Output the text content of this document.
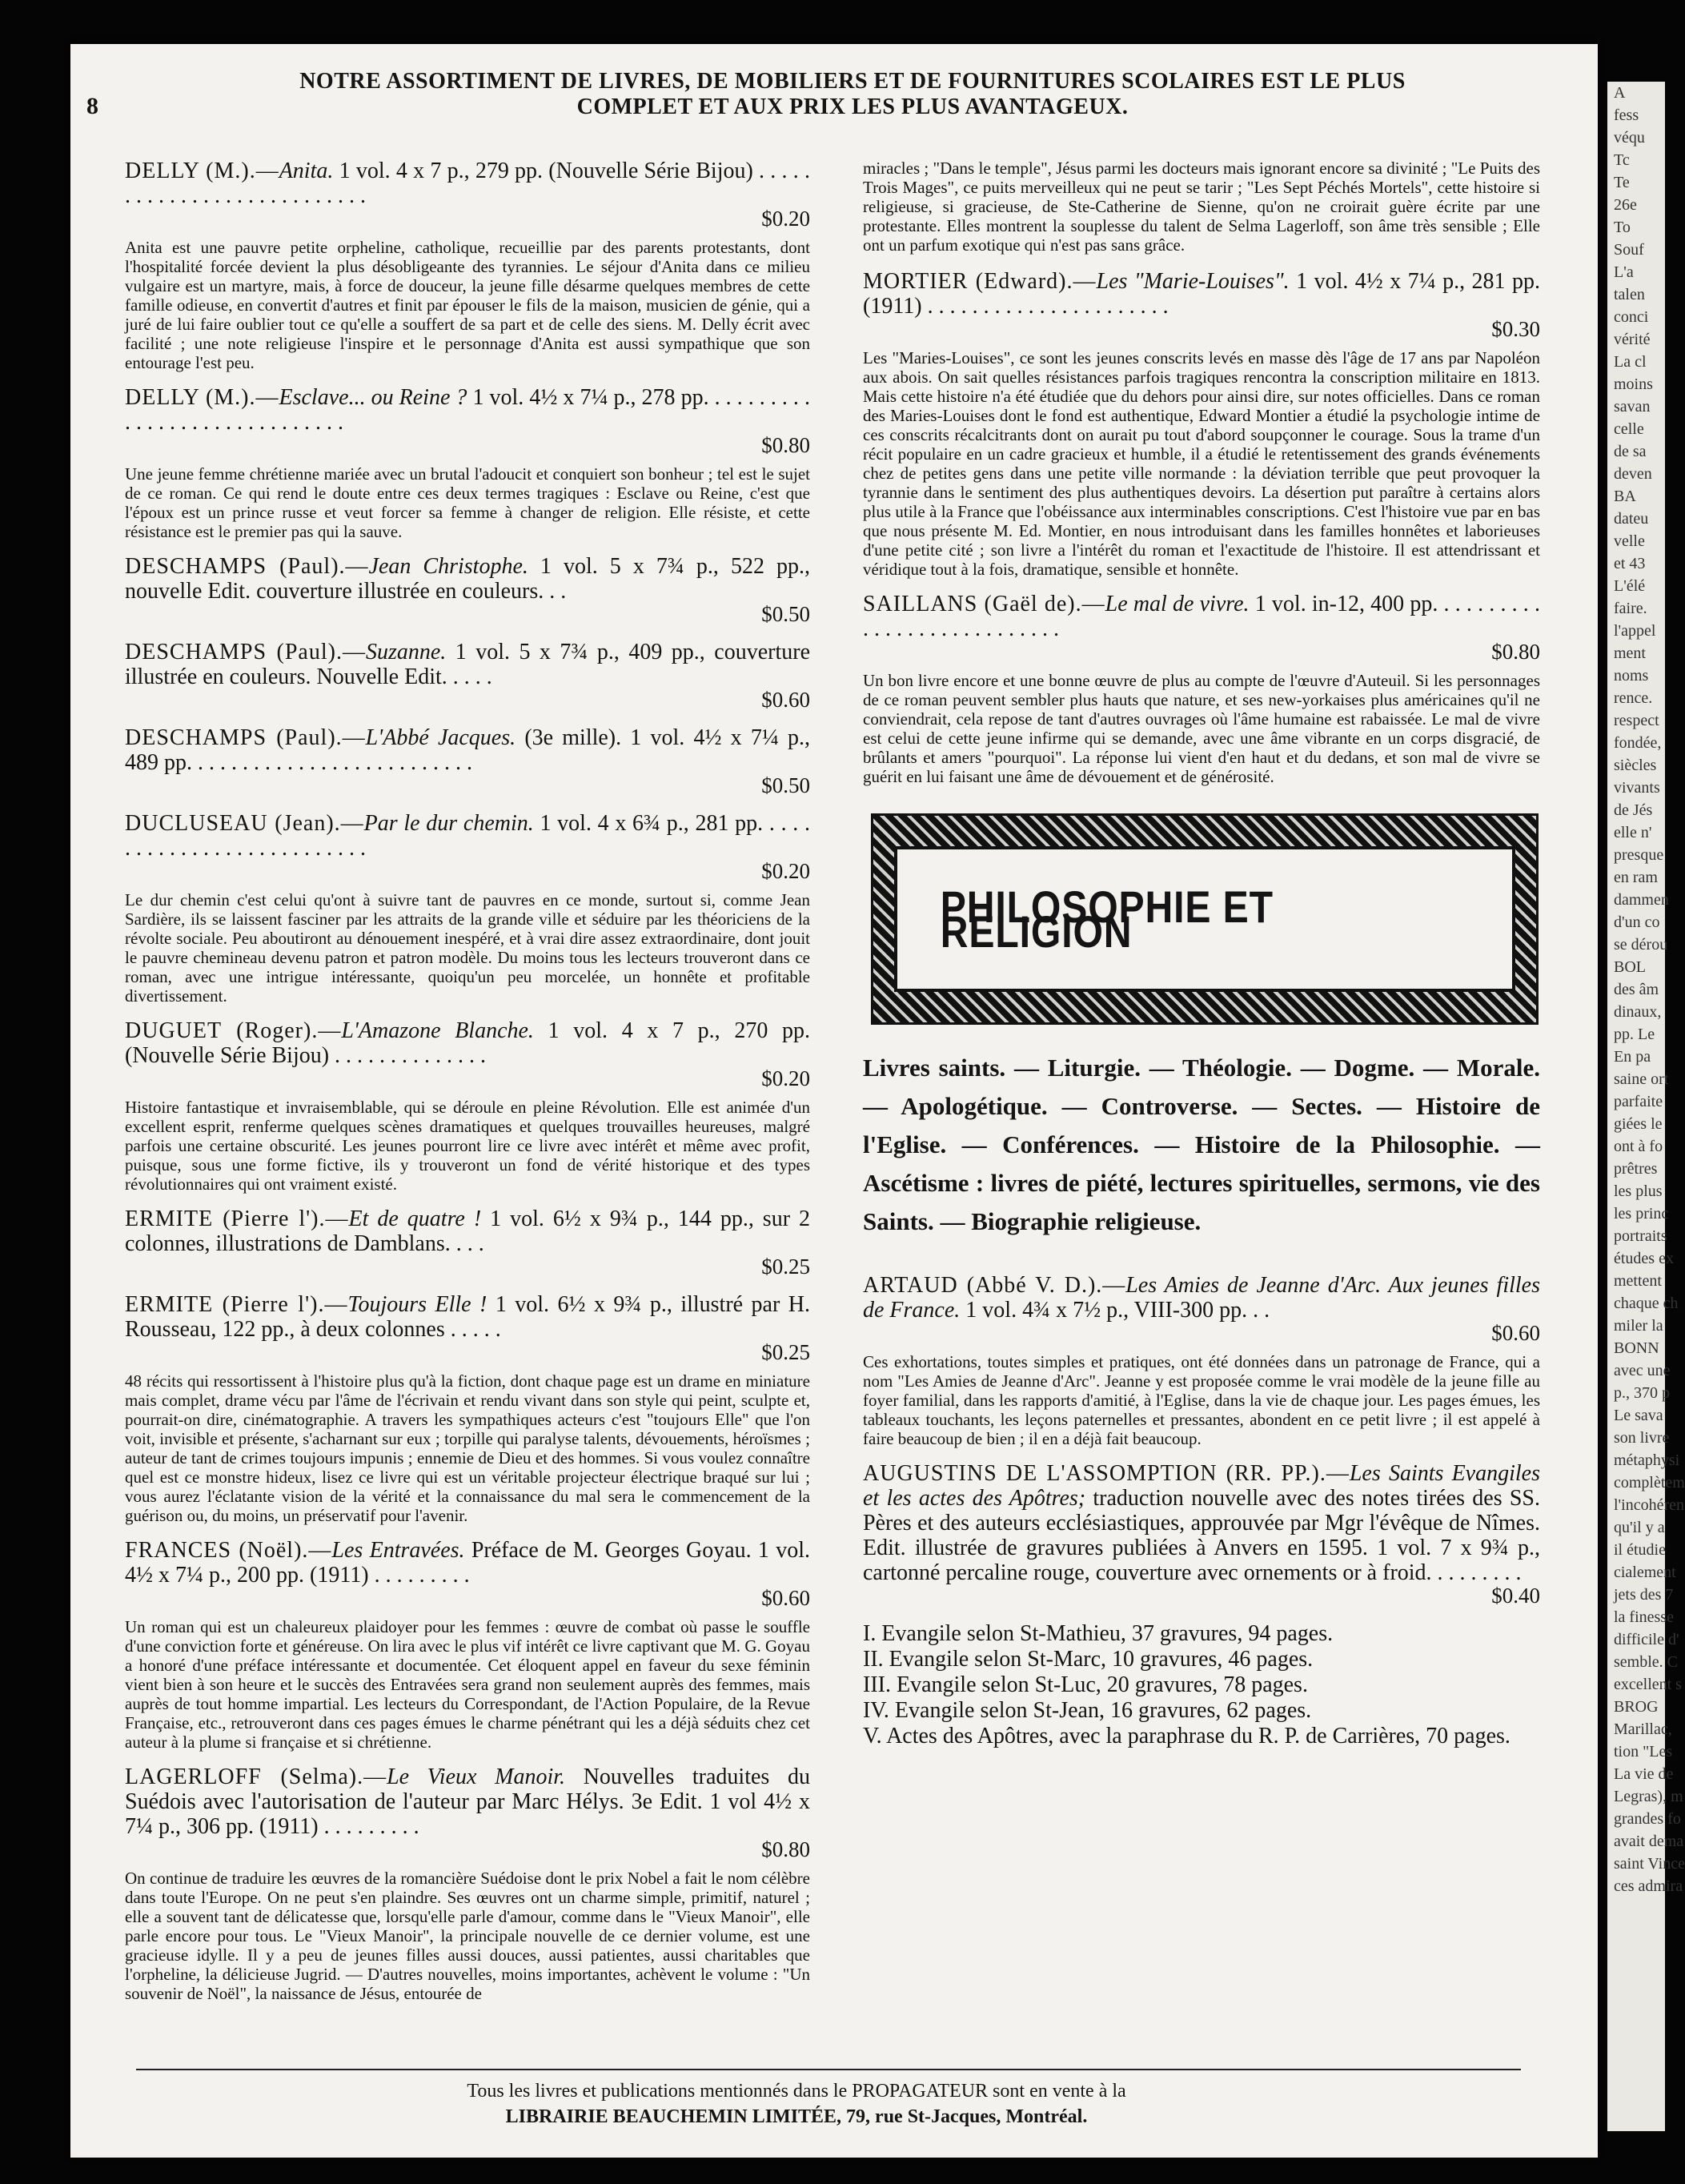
A
fess
véqu
Tc
Te
26e
To
Souf
L'a
talen
conci
vérité
La cl
moins
savan
celle
de sa
deven
BA
dateu
velle
et 43
L'élé
faire.
l'appel
ment
noms
rence.
respect
fondée,
siècles
vivants
de Jés
elle n'
presque
en ram
dammen
d'un co
se dérou
BOL
des âm
dinaux,
pp. Le
En pa
saine ort
parfaite
giées le
ont à fo
prêtres
les plus
les princ
portraits
études ex
mettent
chaque ch
miler la
BONN
avec une
p., 370 p
Le sava
son livre
métaphysi
complètem
l'incohéren
qu'il y a
il étudie
cialement
jets des 7
la finesse
difficile d'
semble. C
excellent s
BROG
Marillac,
tion "Les
La vie de
Legras), m
grandes fo
avait dema
saint Vince
ces admira
8
NOTRE ASSORTIMENT DE LIVRES, DE MOBILIERS ET DE FOURNITURES SCOLAIRES EST LE PLUS
COMPLET ET AUX PRIX LES PLUS AVANTAGEUX.
DELLY (M.).—Anita. 1 vol. 4 x 7 p., 279 pp. (Nouvelle Série Bijou) . . . . . . . . . . . . . . . . . . . . . . . . . . .
$0.20
Anita est une pauvre petite orpheline, catholique, recueillie par des parents protestants, dont l'hospitalité forcée devient la plus désobligeante des tyrannies. Le séjour d'Anita dans ce milieu vulgaire est un martyre, mais, à force de douceur, la jeune fille désarme quelques membres de cette famille odieuse, en convertit d'autres et finit par épouser le fils de la maison, musicien de génie, qui a juré de lui faire oublier tout ce qu'elle a souffert de sa part et de celle des siens. M. Delly écrit avec facilité ; une note religieuse l'inspire et le personnage d'Anita est aussi sympathique que son entourage l'est peu.
DELLY (M.).—Esclave... ou Reine ? 1 vol. 4½ x 7¼ p., 278 pp. . . . . . . . . . . . . . . . . . . . . . . . . . . . . .
$0.80
Une jeune femme chrétienne mariée avec un brutal l'adoucit et conquiert son bonheur ; tel est le sujet de ce roman. Ce qui rend le doute entre ces deux termes tragiques : Esclave ou Reine, c'est que l'époux est un prince russe et veut forcer sa femme à changer de religion. Elle résiste, et cette résistance est le premier pas qui la sauve.
DESCHAMPS (Paul).—Jean Christophe. 1 vol. 5 x 7¾ p., 522 pp., nouvelle Edit. couverture illustrée en couleurs. . .
$0.50
DESCHAMPS (Paul).—Suzanne. 1 vol. 5 x 7¾ p., 409 pp., couverture illustrée en couleurs. Nouvelle Edit. . . . .
$0.60
DESCHAMPS (Paul).—L'Abbé Jacques. (3e mille). 1 vol. 4½ x 7¼ p., 489 pp. . . . . . . . . . . . . . . . . . . . . . . . . .
$0.50
DUCLUSEAU (Jean).—Par le dur chemin. 1 vol. 4 x 6¾ p., 281 pp. . . . . . . . . . . . . . . . . . . . . . . . . . .
$0.20
Le dur chemin c'est celui qu'ont à suivre tant de pauvres en ce monde, surtout si, comme Jean Sardière, ils se laissent fasciner par les attraits de la grande ville et séduire par les théoriciens de la révolte sociale. Peu aboutiront au dénouement inespéré, et à vrai dire assez extraordinaire, dont jouit le pauvre chemineau devenu patron et patron modèle. Du moins tous les lecteurs trouveront dans ce roman, avec une intrigue intéressante, quoiqu'un peu morcelée, un honnête et profitable divertissement.
DUGUET (Roger).—L'Amazone Blanche. 1 vol. 4 x 7 p., 270 pp. (Nouvelle Série Bijou) . . . . . . . . . . . . . .
$0.20
Histoire fantastique et invraisemblable, qui se déroule en pleine Révolution. Elle est animée d'un excellent esprit, renferme quelques scènes dramatiques et quelques trouvailles heureuses, malgré parfois une certaine obscurité. Les jeunes pourront lire ce livre avec intérêt et même avec profit, puisque, sous une forme fictive, ils y trouveront un fond de vérité historique et des types révolutionnaires qui ont vraiment existé.
ERMITE (Pierre l').—Et de quatre ! 1 vol. 6½ x 9¾ p., 144 pp., sur 2 colonnes, illustrations de Damblans. . . .
$0.25
ERMITE (Pierre l').—Toujours Elle ! 1 vol. 6½ x 9¾ p., illustré par H. Rousseau, 122 pp., à deux colonnes . . . . .
$0.25
48 récits qui ressortissent à l'histoire plus qu'à la fiction, dont chaque page est un drame en miniature mais complet, drame vécu par l'âme de l'écrivain et rendu vivant dans son style qui peint, sculpte et, pourrait-on dire, cinématographie. A travers les sympathiques acteurs c'est "toujours Elle" que l'on voit, invisible et présente, s'acharnant sur eux ; torpille qui paralyse talents, dévouements, héroïsmes ; auteur de tant de crimes toujours impunis ; ennemie de Dieu et des hommes. Si vous voulez connaître quel est ce monstre hideux, lisez ce livre qui est un véritable projecteur électrique braqué sur lui ; vous aurez l'éclatante vision de la vérité et la connaissance du mal sera le commencement de la guérison ou, du moins, un préservatif pour l'avenir.
FRANCES (Noël).—Les Entravées. Préface de M. Georges Goyau. 1 vol. 4½ x 7¼ p., 200 pp. (1911) . . . . . . . . .
$0.60
Un roman qui est un chaleureux plaidoyer pour les femmes : œuvre de combat où passe le souffle d'une conviction forte et généreuse. On lira avec le plus vif intérêt ce livre captivant que M. G. Goyau a honoré d'une préface intéressante et documentée. Cet éloquent appel en faveur du sexe féminin vient bien à son heure et le succès des Entravées sera grand non seulement auprès des femmes, mais auprès de tout homme impartial. Les lecteurs du Correspondant, de l'Action Populaire, de la Revue Française, etc., retrouveront dans ces pages émues le charme pénétrant qui les a déjà séduits chez cet auteur à la plume si française et si chrétienne.
LAGERLOFF (Selma).—Le Vieux Manoir. Nouvelles traduites du Suédois avec l'autorisation de l'auteur par Marc Hélys. 3e Edit. 1 vol 4½ x 7¼ p., 306 pp. (1911) . . . . . . . . .
$0.80
On continue de traduire les œuvres de la romancière Suédoise dont le prix Nobel a fait le nom célèbre dans toute l'Europe. On ne peut s'en plaindre. Ses œuvres ont un charme simple, primitif, naturel ; elle a souvent tant de délicatesse que, lorsqu'elle parle d'amour, comme dans le "Vieux Manoir", elle parle encore pour tous. Le "Vieux Manoir", la principale nouvelle de ce dernier volume, est une gracieuse idylle. Il y a peu de jeunes filles aussi douces, aussi patientes, aussi charitables que l'orpheline, la délicieuse Jugrid. — D'autres nouvelles, moins importantes, achèvent le volume : "Un souvenir de Noël", la naissance de Jésus, entourée de
miracles ; "Dans le temple", Jésus parmi les docteurs mais ignorant encore sa divinité ; "Le Puits des Trois Mages", ce puits merveilleux qui ne peut se tarir ; "Les Sept Péchés Mortels", cette histoire si religieuse, si gracieuse, de Ste-Catherine de Sienne, qu'on ne croirait guère écrite par une protestante. Elles montrent la souplesse du talent de Selma Lagerloff, son âme très sensible ; Elle ont un parfum exotique qui n'est pas sans grâce.
MORTIER (Edward).—Les "Marie-Louises". 1 vol. 4½ x 7¼ p., 281 pp. (1911) . . . . . . . . . . . . . . . . . . . . . .
$0.30
Les "Maries-Louises", ce sont les jeunes conscrits levés en masse dès l'âge de 17 ans par Napoléon aux abois. On sait quelles résistances parfois tragiques rencontra la conscription militaire en 1813. Mais cette histoire n'a été étudiée que du dehors pour ainsi dire, sur notes officielles. Dans ce roman des Maries-Louises dont le fond est authentique, Edward Montier a étudié la psychologie intime de ces conscrits récalcitrants dont on aurait pu tout d'abord soupçonner le courage. Sous la trame d'un récit populaire en un cadre gracieux et humble, il a étudié le retentissement des grands événements chez de petites gens dans une petite ville normande : la déviation terrible que peut provoquer la tyrannie dans le sentiment des plus authentiques devoirs. La désertion put paraître à certains alors plus utile à la France que l'obéissance aux interminables conscriptions. C'est l'histoire vue par en bas que nous présente M. Ed. Montier, en nous introduisant dans les familles honnêtes et laborieuses d'une petite cité ; son livre a l'intérêt du roman et l'exactitude de l'histoire. Il est attendrissant et véridique tout à la fois, dramatique, sensible et honnête.
SAILLANS (Gaël de).—Le mal de vivre. 1 vol. in-12, 400 pp. . . . . . . . . . . . . . . . . . . . . . . . . . . .
$0.80
Un bon livre encore et une bonne œuvre de plus au compte de l'œuvre d'Auteuil. Si les personnages de ce roman peuvent sembler plus hauts que nature, et ses new-yorkaises plus américaines qu'il ne conviendrait, cela repose de tant d'autres ouvrages où l'âme humaine est rabaissée. Le mal de vivre est celui de cette jeune infirme qui se demande, avec une âme vibrante en un corps disgracié, de brûlants et amers "pourquoi". La réponse lui vient d'en haut et du dedans, et son mal de vivre se guérit en lui faisant une âme de dévouement et de générosité.
PHILOSOPHIE ET RELIGION
Livres saints. — Liturgie. — Théologie. — Dogme. — Morale. — Apologétique. — Controverse. — Sectes. — Histoire de l'Eglise. — Conférences. — Histoire de la Philosophie. — Ascétisme : livres de piété, lectures spirituelles, sermons, vie des Saints. — Biographie religieuse.
ARTAUD (Abbé V. D.).—Les Amies de Jeanne d'Arc. Aux jeunes filles de France. 1 vol. 4¾ x 7½ p., VIII-300 pp. . .
$0.60
Ces exhortations, toutes simples et pratiques, ont été données dans un patronage de France, qui a nom "Les Amies de Jeanne d'Arc". Jeanne y est proposée comme le vrai modèle de la jeune fille au foyer familial, dans les rapports d'amitié, à l'Eglise, dans la vie de chaque jour. Les pages émues, les tableaux touchants, les leçons paternelles et pressantes, abondent en ce petit livre ; il est appelé à faire beaucoup de bien ; il en a déjà fait beaucoup.
AUGUSTINS DE L'ASSOMPTION (RR. PP.).—Les Saints Evangiles et les actes des Apôtres; traduction nouvelle avec des notes tirées des SS. Pères et des auteurs ecclésiastiques, approuvée par Mgr l'évêque de Nîmes. Edit. illustrée de gravures publiées à Anvers en 1595. 1 vol. 7 x 9¾ p., cartonné percaline rouge, couverture avec ornements or à froid. . . . . . . . .
$0.40
I. Evangile selon St-Mathieu, 37 gravures, 94 pages.
II. Evangile selon St-Marc, 10 gravures, 46 pages.
III. Evangile selon St-Luc, 20 gravures, 78 pages.
IV. Evangile selon St-Jean, 16 gravures, 62 pages.
V. Actes des Apôtres, avec la paraphrase du R. P. de Carrières, 70 pages.
Tous les livres et publications mentionnés dans le PROPAGATEUR sont en vente à la
LIBRAIRIE BEAUCHEMIN LIMITÉE, 79, rue St-Jacques, Montréal.
